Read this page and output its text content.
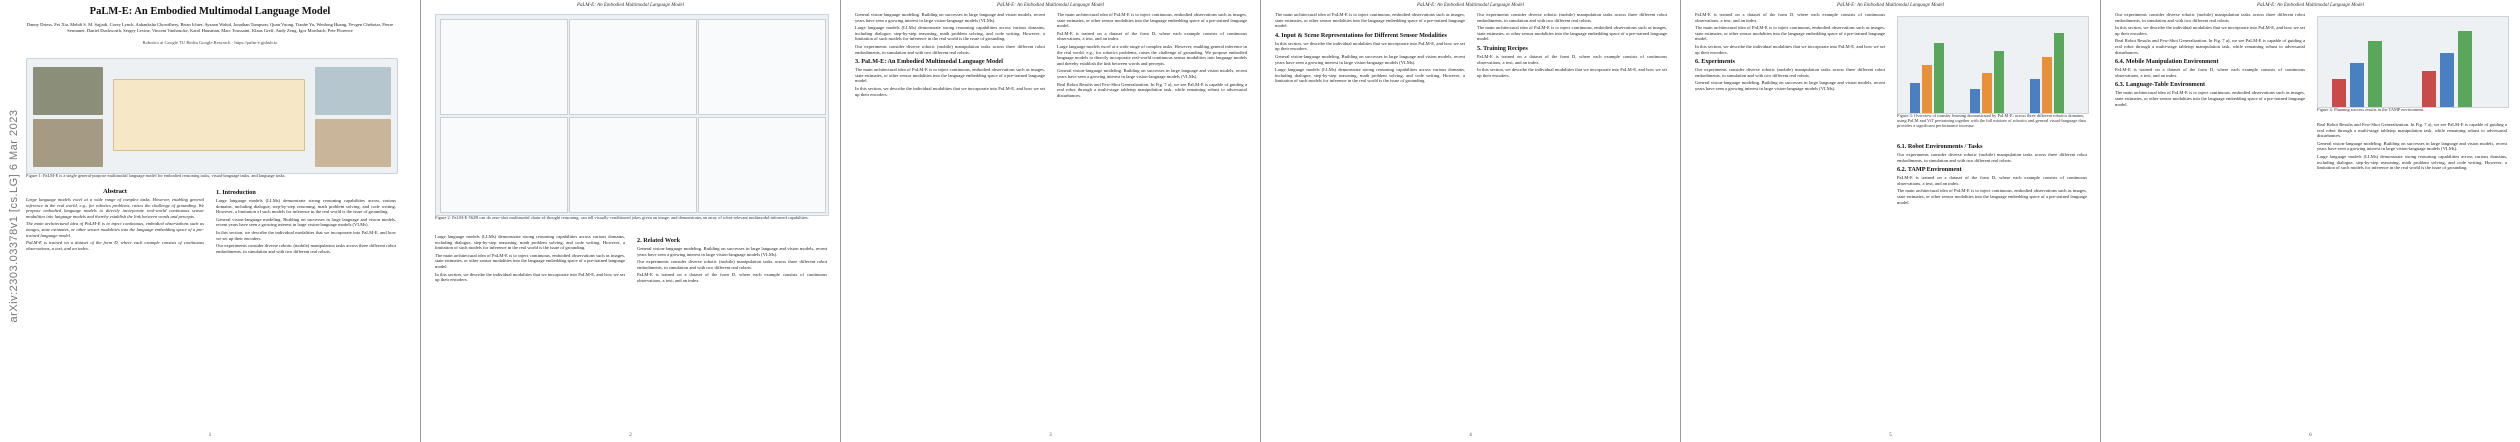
arXiv:2303.03378v1 [cs.LG] 6 Mar 2023
PaLM-E: An Embodied Multimodal Language Model
Danny Driess, Fei Xia, Mehdi S. M. Sajjadi, Corey Lynch, Aakanksha Chowdhery, Brian Ichter, Ayzaan Wahid, Jonathan Tompson, Quan Vuong, Tianhe Yu, Wenlong Huang, Yevgen Chebotar, Pierre Sermanet, Daniel Duckworth, Sergey Levine, Vincent Vanhoucke, Karol Hausman, Marc Toussaint, Klaus Greff, Andy Zeng, Igor Mordatch, Pete Florence
Robotics at Google TU Berlin Google Research · https://palm-e.github.io
Figure 1: PaLM-E is a single general-purpose multimodal language model for embodied reasoning tasks, visual-language tasks, and language tasks.
Abstract

Large language models excel at a wide range of complex tasks. However, enabling general inference in the real world, e.g., for robotics problems, raises the challenge of grounding. We propose embodied language models to directly incorporate real-world continuous sensor modalities into language models and thereby establish the link between words and percepts.

The main architectural idea of PaLM-E is to inject continuous, embodied observations such as images, state estimates, or other sensor modalities into the language embedding space of a pre-trained language model.

PaLM-E is trained on a dataset of the form D, where each example consists of continuous observations, a text, and an index.

1. Introduction

Large language models (LLMs) demonstrate strong reasoning capabilities across various domains, including dialogue, step-by-step reasoning, math problem solving, and code writing. However, a limitation of such models for inference in the real world is the issue of grounding.

General vision-language modeling. Building on successes in large language and vision models, recent years have seen a growing interest in large vision-language models (VLMs).

In this section, we describe the individual modalities that we incorporate into PaLM-E, and how we set up their encoders.

Our experiments consider diverse robotic (mobile) manipulation tasks across three different robot embodiments, in simulation and with two different real robots.

1
PaLM-E: An Embodied Multimodal Language Model
Figure 2: PaLM-E-562B can do zero-shot multimodal chain-of-thought reasoning, can tell visually-conditioned jokes given an image, and demonstrates an array of robot-relevant multimodal-informed capabilities.

Large language models (LLMs) demonstrate strong reasoning capabilities across various domains, including dialogue, step-by-step reasoning, math problem solving, and code writing. However, a limitation of such models for inference in the real world is the issue of grounding.

The main architectural idea of PaLM-E is to inject continuous, embodied observations such as images, state estimates, or other sensor modalities into the language embedding space of a pre-trained language model.

In this section, we describe the individual modalities that we incorporate into PaLM-E, and how we set up their encoders.

2. Related Work

General vision-language modeling. Building on successes in large language and vision models, recent years have seen a growing interest in large vision-language models (VLMs).

Our experiments consider diverse robotic (mobile) manipulation tasks across three different robot embodiments, in simulation and with two different real robots.

PaLM-E is trained on a dataset of the form D, where each example consists of continuous observations, a text, and an index.

2
PaLM-E: An Embodied Multimodal Language Model

General vision-language modeling. Building on successes in large language and vision models, recent years have seen a growing interest in large vision-language models (VLMs).

Large language models (LLMs) demonstrate strong reasoning capabilities across various domains, including dialogue, step-by-step reasoning, math problem solving, and code writing. However, a limitation of such models for inference in the real world is the issue of grounding.

Our experiments consider diverse robotic (mobile) manipulation tasks across three different robot embodiments, in simulation and with two different real robots.

3. PaLM-E: An Embodied Multimodal Language Model

The main architectural idea of PaLM-E is to inject continuous, embodied observations such as images, state estimates, or other sensor modalities into the language embedding space of a pre-trained language model.

In this section, we describe the individual modalities that we incorporate into PaLM-E, and how we set up their encoders.

The main architectural idea of PaLM-E is to inject continuous, embodied observations such as images, state estimates, or other sensor modalities into the language embedding space of a pre-trained language model.

PaLM-E is trained on a dataset of the form D, where each example consists of continuous observations, a text, and an index.

Large language models excel at a wide range of complex tasks. However, enabling general inference in the real world, e.g., for robotics problems, raises the challenge of grounding. We propose embodied language models to directly incorporate real-world continuous sensor modalities into language models and thereby establish the link between words and percepts.

General vision-language modeling. Building on successes in large language and vision models, recent years have seen a growing interest in large vision-language models (VLMs).

Real Robot Results and Few-Shot Generalization. In Fig. 7 a), we see PaLM-E is capable of guiding a real robot through a multi-stage tabletop manipulation task, while remaining robust to adversarial disturbances.

3
PaLM-E: An Embodied Multimodal Language Model

The main architectural idea of PaLM-E is to inject continuous, embodied observations such as images, state estimates, or other sensor modalities into the language embedding space of a pre-trained language model.

4. Input & Scene Representations for Different Sensor Modalities

In this section, we describe the individual modalities that we incorporate into PaLM-E, and how we set up their encoders.

General vision-language modeling. Building on successes in large language and vision models, recent years have seen a growing interest in large vision-language models (VLMs).

Large language models (LLMs) demonstrate strong reasoning capabilities across various domains, including dialogue, step-by-step reasoning, math problem solving, and code writing. However, a limitation of such models for inference in the real world is the issue of grounding.

Our experiments consider diverse robotic (mobile) manipulation tasks across three different robot embodiments, in simulation and with two different real robots.

The main architectural idea of PaLM-E is to inject continuous, embodied observations such as images, state estimates, or other sensor modalities into the language embedding space of a pre-trained language model.

5. Training Recipes

PaLM-E is trained on a dataset of the form D, where each example consists of continuous observations, a text, and an index.

In this section, we describe the individual modalities that we incorporate into PaLM-E, and how we set up their encoders.

4
PaLM-E: An Embodied Multimodal Language Model

PaLM-E is trained on a dataset of the form D, where each example consists of continuous observations, a text, and an index.

The main architectural idea of PaLM-E is to inject continuous, embodied observations such as images, state estimates, or other sensor modalities into the language embedding space of a pre-trained language model.

In this section, we describe the individual modalities that we incorporate into PaLM-E, and how we set up their encoders.

6. Experiments

Our experiments consider diverse robotic (mobile) manipulation tasks across three different robot embodiments, in simulation and with two different real robots.

General vision-language modeling. Building on successes in large language and vision models, recent years have seen a growing interest in large vision-language models (VLMs).

Figure 3: Overview of transfer learning demonstrated by PaLM-E: across three different robotics domains, using PaLM and ViT pretraining together with the full mixture of robotics and general visual-language data provides a significant performance increase.
6.1. Robot Environments / Tasks

Our experiments consider diverse robotic (mobile) manipulation tasks across three different robot embodiments, in simulation and with two different real robots.

6.2. TAMP Environment

PaLM-E is trained on a dataset of the form D, where each example consists of continuous observations, a text, and an index.

The main architectural idea of PaLM-E is to inject continuous, embodied observations such as images, state estimates, or other sensor modalities into the language embedding space of a pre-trained language model.

5
PaLM-E: An Embodied Multimodal Language Model

Our experiments consider diverse robotic (mobile) manipulation tasks across three different robot embodiments, in simulation and with two different real robots.

In this section, we describe the individual modalities that we incorporate into PaLM-E, and how we set up their encoders.

Real Robot Results and Few-Shot Generalization. In Fig. 7 a), we see PaLM-E is capable of guiding a real robot through a multi-stage tabletop manipulation task, while remaining robust to adversarial disturbances.

6.4. Mobile Manipulation Environment

PaLM-E is trained on a dataset of the form D, where each example consists of continuous observations, a text, and an index.

6.3. Language-Table Environment

The main architectural idea of PaLM-E is to inject continuous, embodied observations such as images, state estimates, or other sensor modalities into the language embedding space of a pre-trained language model.

Figure 4: Planning success results in the TAMP environment.

Real Robot Results and Few-Shot Generalization. In Fig. 7 a), we see PaLM-E is capable of guiding a real robot through a multi-stage tabletop manipulation task, while remaining robust to adversarial disturbances.

General vision-language modeling. Building on successes in large language and vision models, recent years have seen a growing interest in large vision-language models (VLMs).

Large language models (LLMs) demonstrate strong reasoning capabilities across various domains, including dialogue, step-by-step reasoning, math problem solving, and code writing. However, a limitation of such models for inference in the real world is the issue of grounding.

6
